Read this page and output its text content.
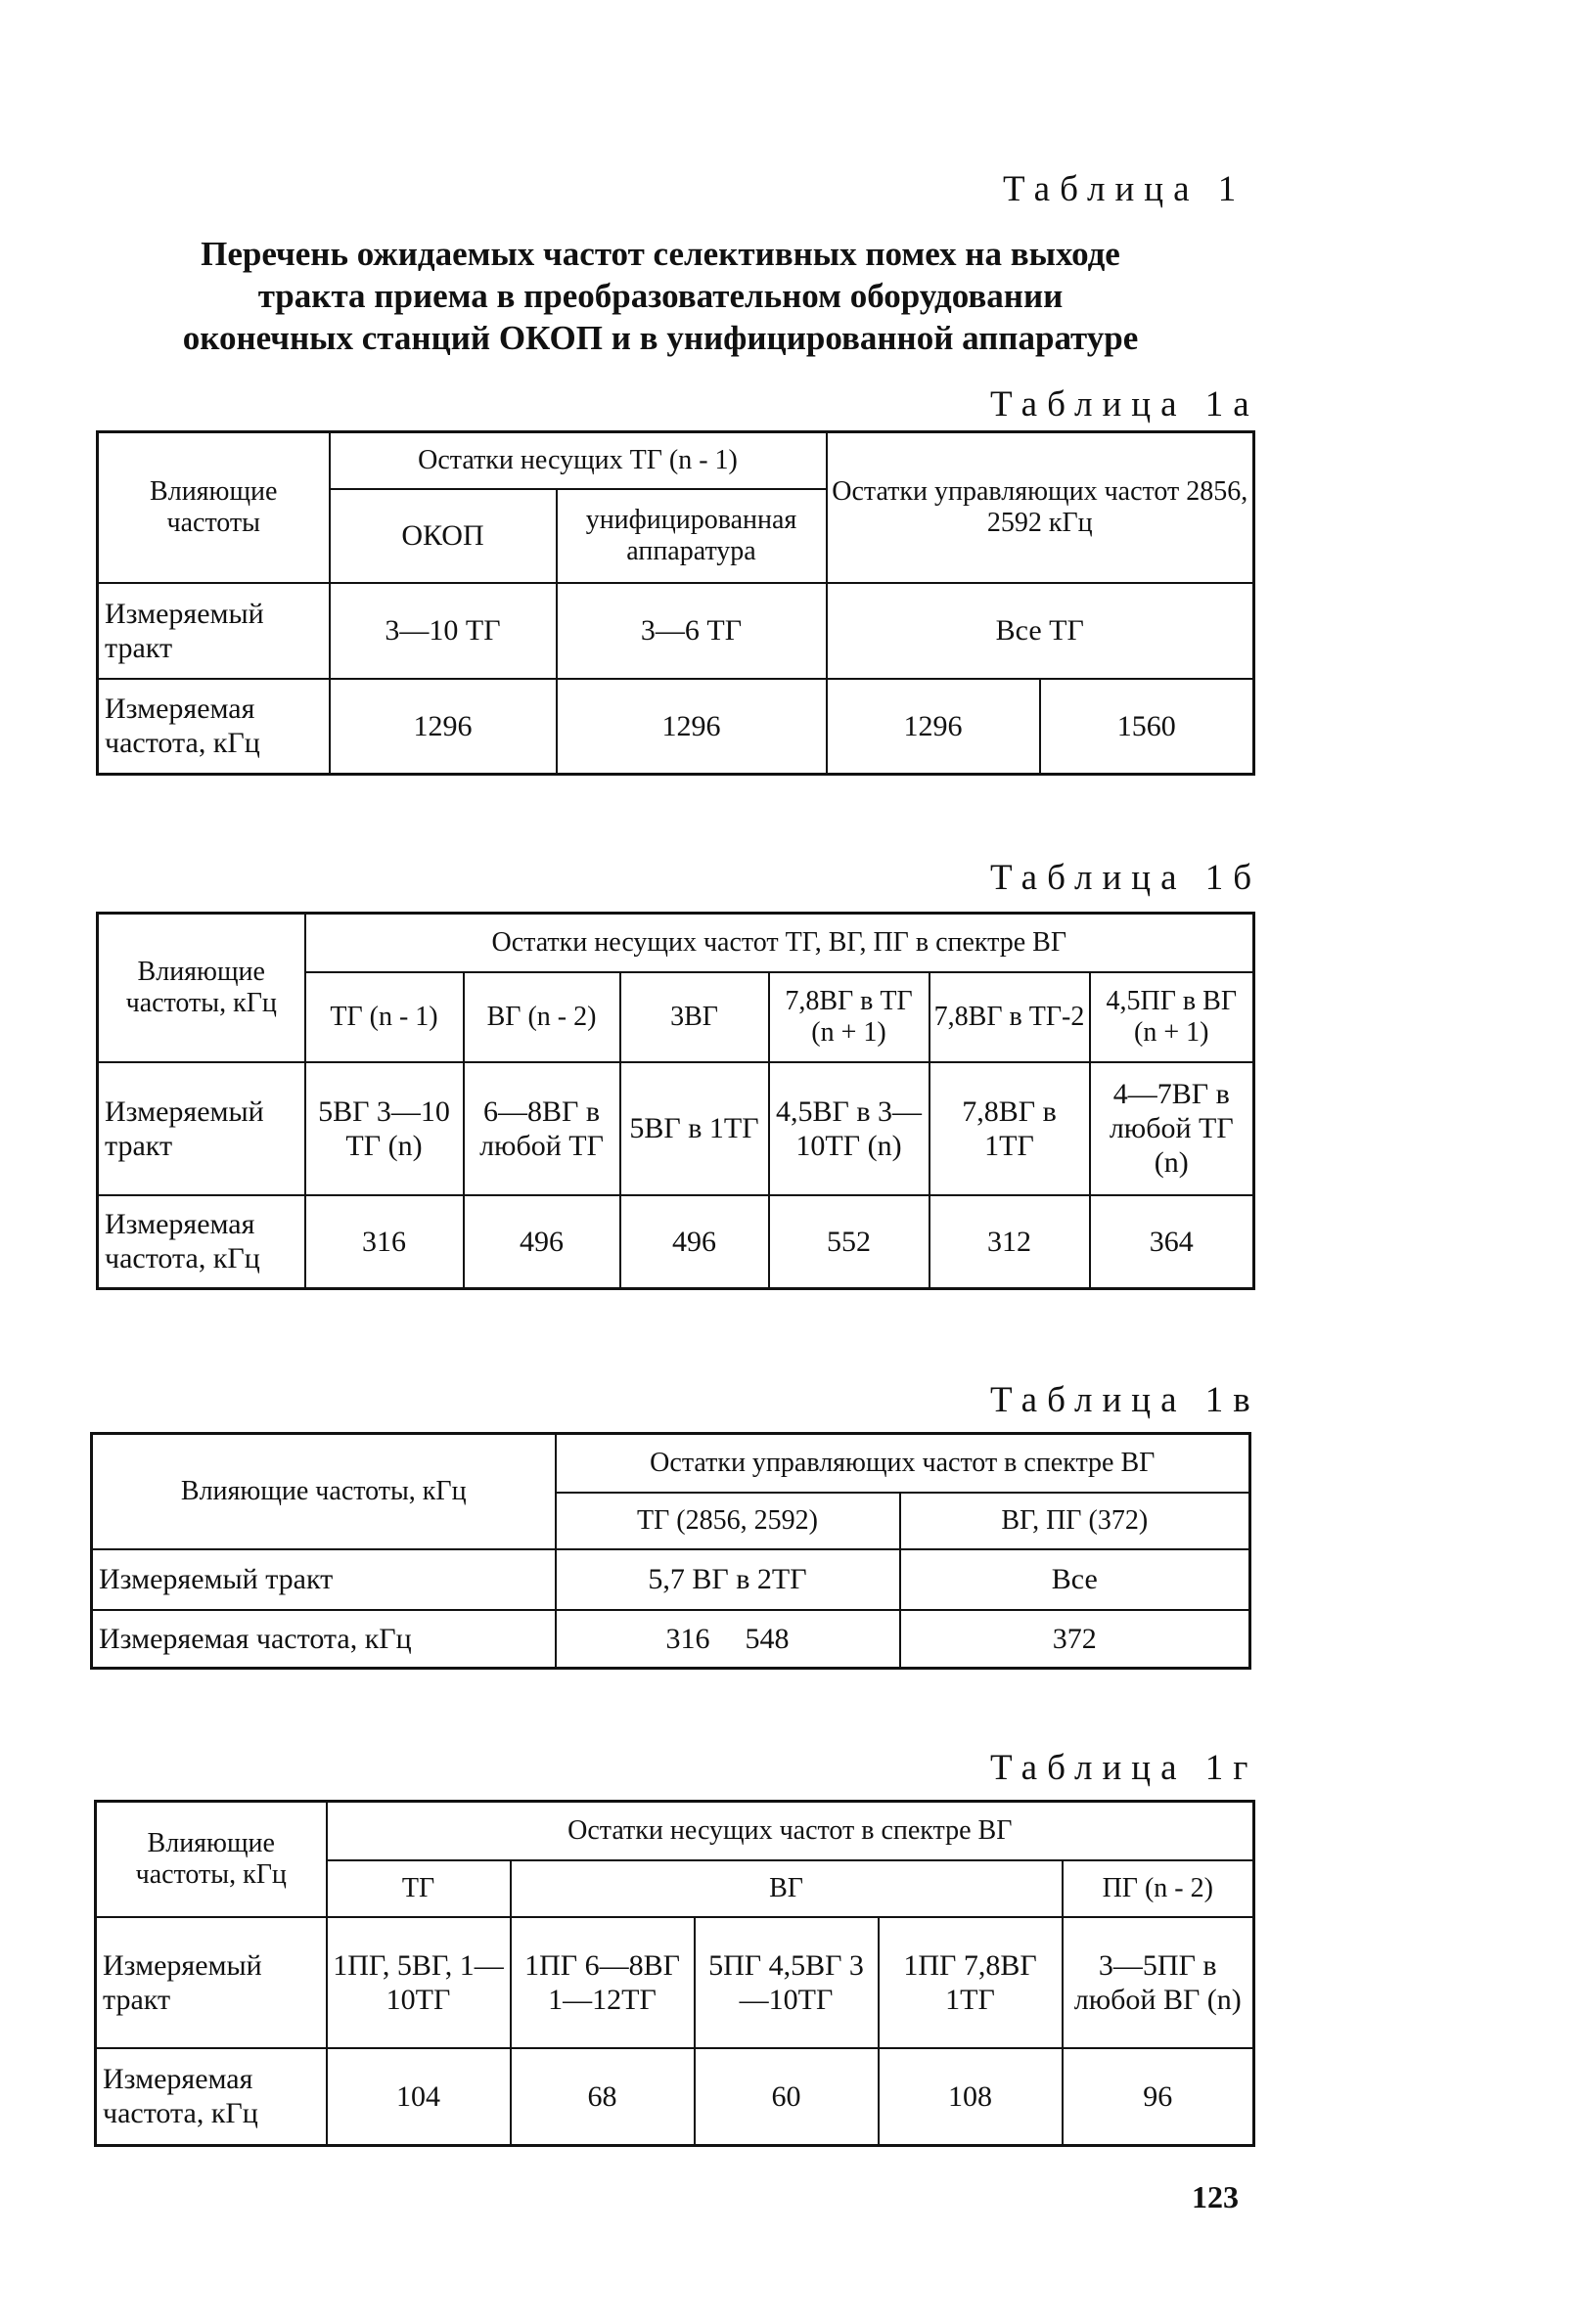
Таблица 1
Перечень ожидаемых частот селективных помех на выходе
тракта приема в преобразовательном оборудовании
оконечных станций ОКОП и в унифицированной аппаратуре
Таблица 1а
Влияющие частоты	Остатки несущих ТГ (n - 1)		Остатки управляющих частот 2856, 2592 кГц	
	ОКОП	унифицированная аппаратура		
Измеряемый тракт	3—10 ТГ	3—6 ТГ	Все ТГ	
Измеряемая частота, кГц	1296	1296	1296	1560
Таблица 1б
Влияющие частоты, кГц	Остатки несущих частот ТГ, ВГ, ПГ в спектре ВГ					
	ТГ (n - 1)	ВГ (n - 2)	3ВГ	7,8ВГ в ТГ (n + 1)	7,8ВГ в ТГ-2	4,5ПГ в ВГ (n + 1)
Измеряемый тракт	5ВГ 3—10 ТГ (n)	6—8ВГ в любой ТГ	5ВГ в 1ТГ	4,5ВГ в 3—10ТГ (n)	7,8ВГ в 1ТГ	4—7ВГ в любой ТГ (n)
Измеряемая частота, кГц	316	496	496	552	312	364
Таблица 1в
Влияющие частоты, кГц	Остатки управляющих частот в спектре ВГ		
	ТГ (2856, 2592)		ВГ, ПГ (372)
Измеряемый тракт	5,7 ВГ в 2ТГ		Все
Измеряемая частота, кГц	316	548	372
Таблица 1г
Влияющие частоты, кГц	Остатки несущих частот в спектре ВГ				
	ТГ	ВГ			ПГ (n - 2)
Измеряемый тракт	1ПГ, 5ВГ, 1—10ТГ	1ПГ 6—8ВГ 1—12ТГ	5ПГ 4,5ВГ 3—10ТГ	1ПГ 7,8ВГ 1ТГ	3—5ПГ в любой ВГ (n)
Измеряемая частота, кГц	104	68	60	108	96
123
